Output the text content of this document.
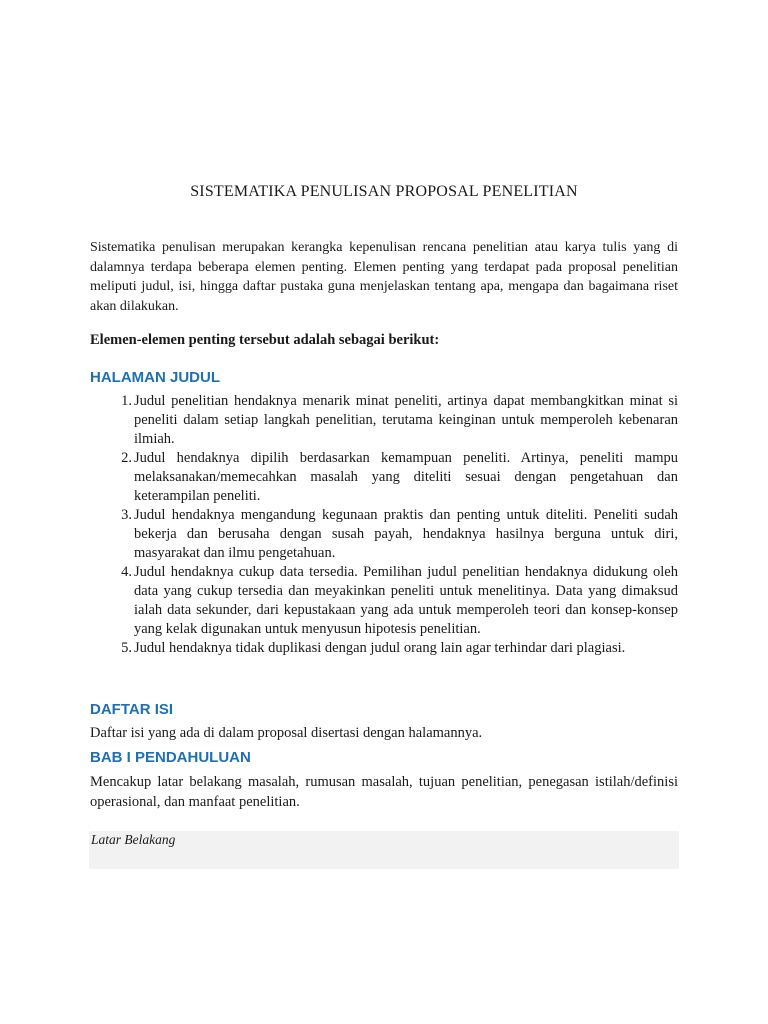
SISTEMATIKA PENULISAN PROPOSAL PENELITIAN
Sistematika penulisan merupakan kerangka kepenulisan rencana penelitian atau karya tulis yang di dalamnya terdapa beberapa elemen penting. Elemen penting yang terdapat pada proposal penelitian meliputi judul, isi, hingga daftar pustaka guna menjelaskan tentang apa, mengapa dan bagaimana riset akan dilakukan.
Elemen-elemen penting tersebut adalah sebagai berikut:
HALAMAN JUDUL
1. Judul penelitian hendaknya menarik minat peneliti, artinya dapat membangkitkan minat si peneliti dalam setiap langkah penelitian, terutama keinginan untuk memperoleh kebenaran ilmiah.
2. Judul hendaknya dipilih berdasarkan kemampuan peneliti. Artinya, peneliti mampu melaksanakan/memecahkan masalah yang diteliti sesuai dengan pengetahuan dan keterampilan peneliti.
3. Judul hendaknya mengandung kegunaan praktis dan penting untuk diteliti. Peneliti sudah bekerja dan berusaha dengan susah payah, hendaknya hasilnya berguna untuk diri, masyarakat dan ilmu pengetahuan.
4. Judul hendaknya cukup data tersedia. Pemilihan judul penelitian hendaknya didukung oleh data yang cukup tersedia dan meyakinkan peneliti untuk menelitinya. Data yang dimaksud ialah data sekunder, dari kepustakaan yang ada untuk memperoleh teori dan konsep-konsep yang kelak digunakan untuk menyusun hipotesis penelitian.
5. Judul hendaknya tidak duplikasi dengan judul orang lain agar terhindar dari plagiasi.
DAFTAR ISI
Daftar isi yang ada di dalam proposal disertasi dengan halamannya.
BAB I PENDAHULUAN
Mencakup latar belakang masalah, rumusan masalah, tujuan penelitian, penegasan istilah/definisi operasional, dan manfaat penelitian.
Latar Belakang
